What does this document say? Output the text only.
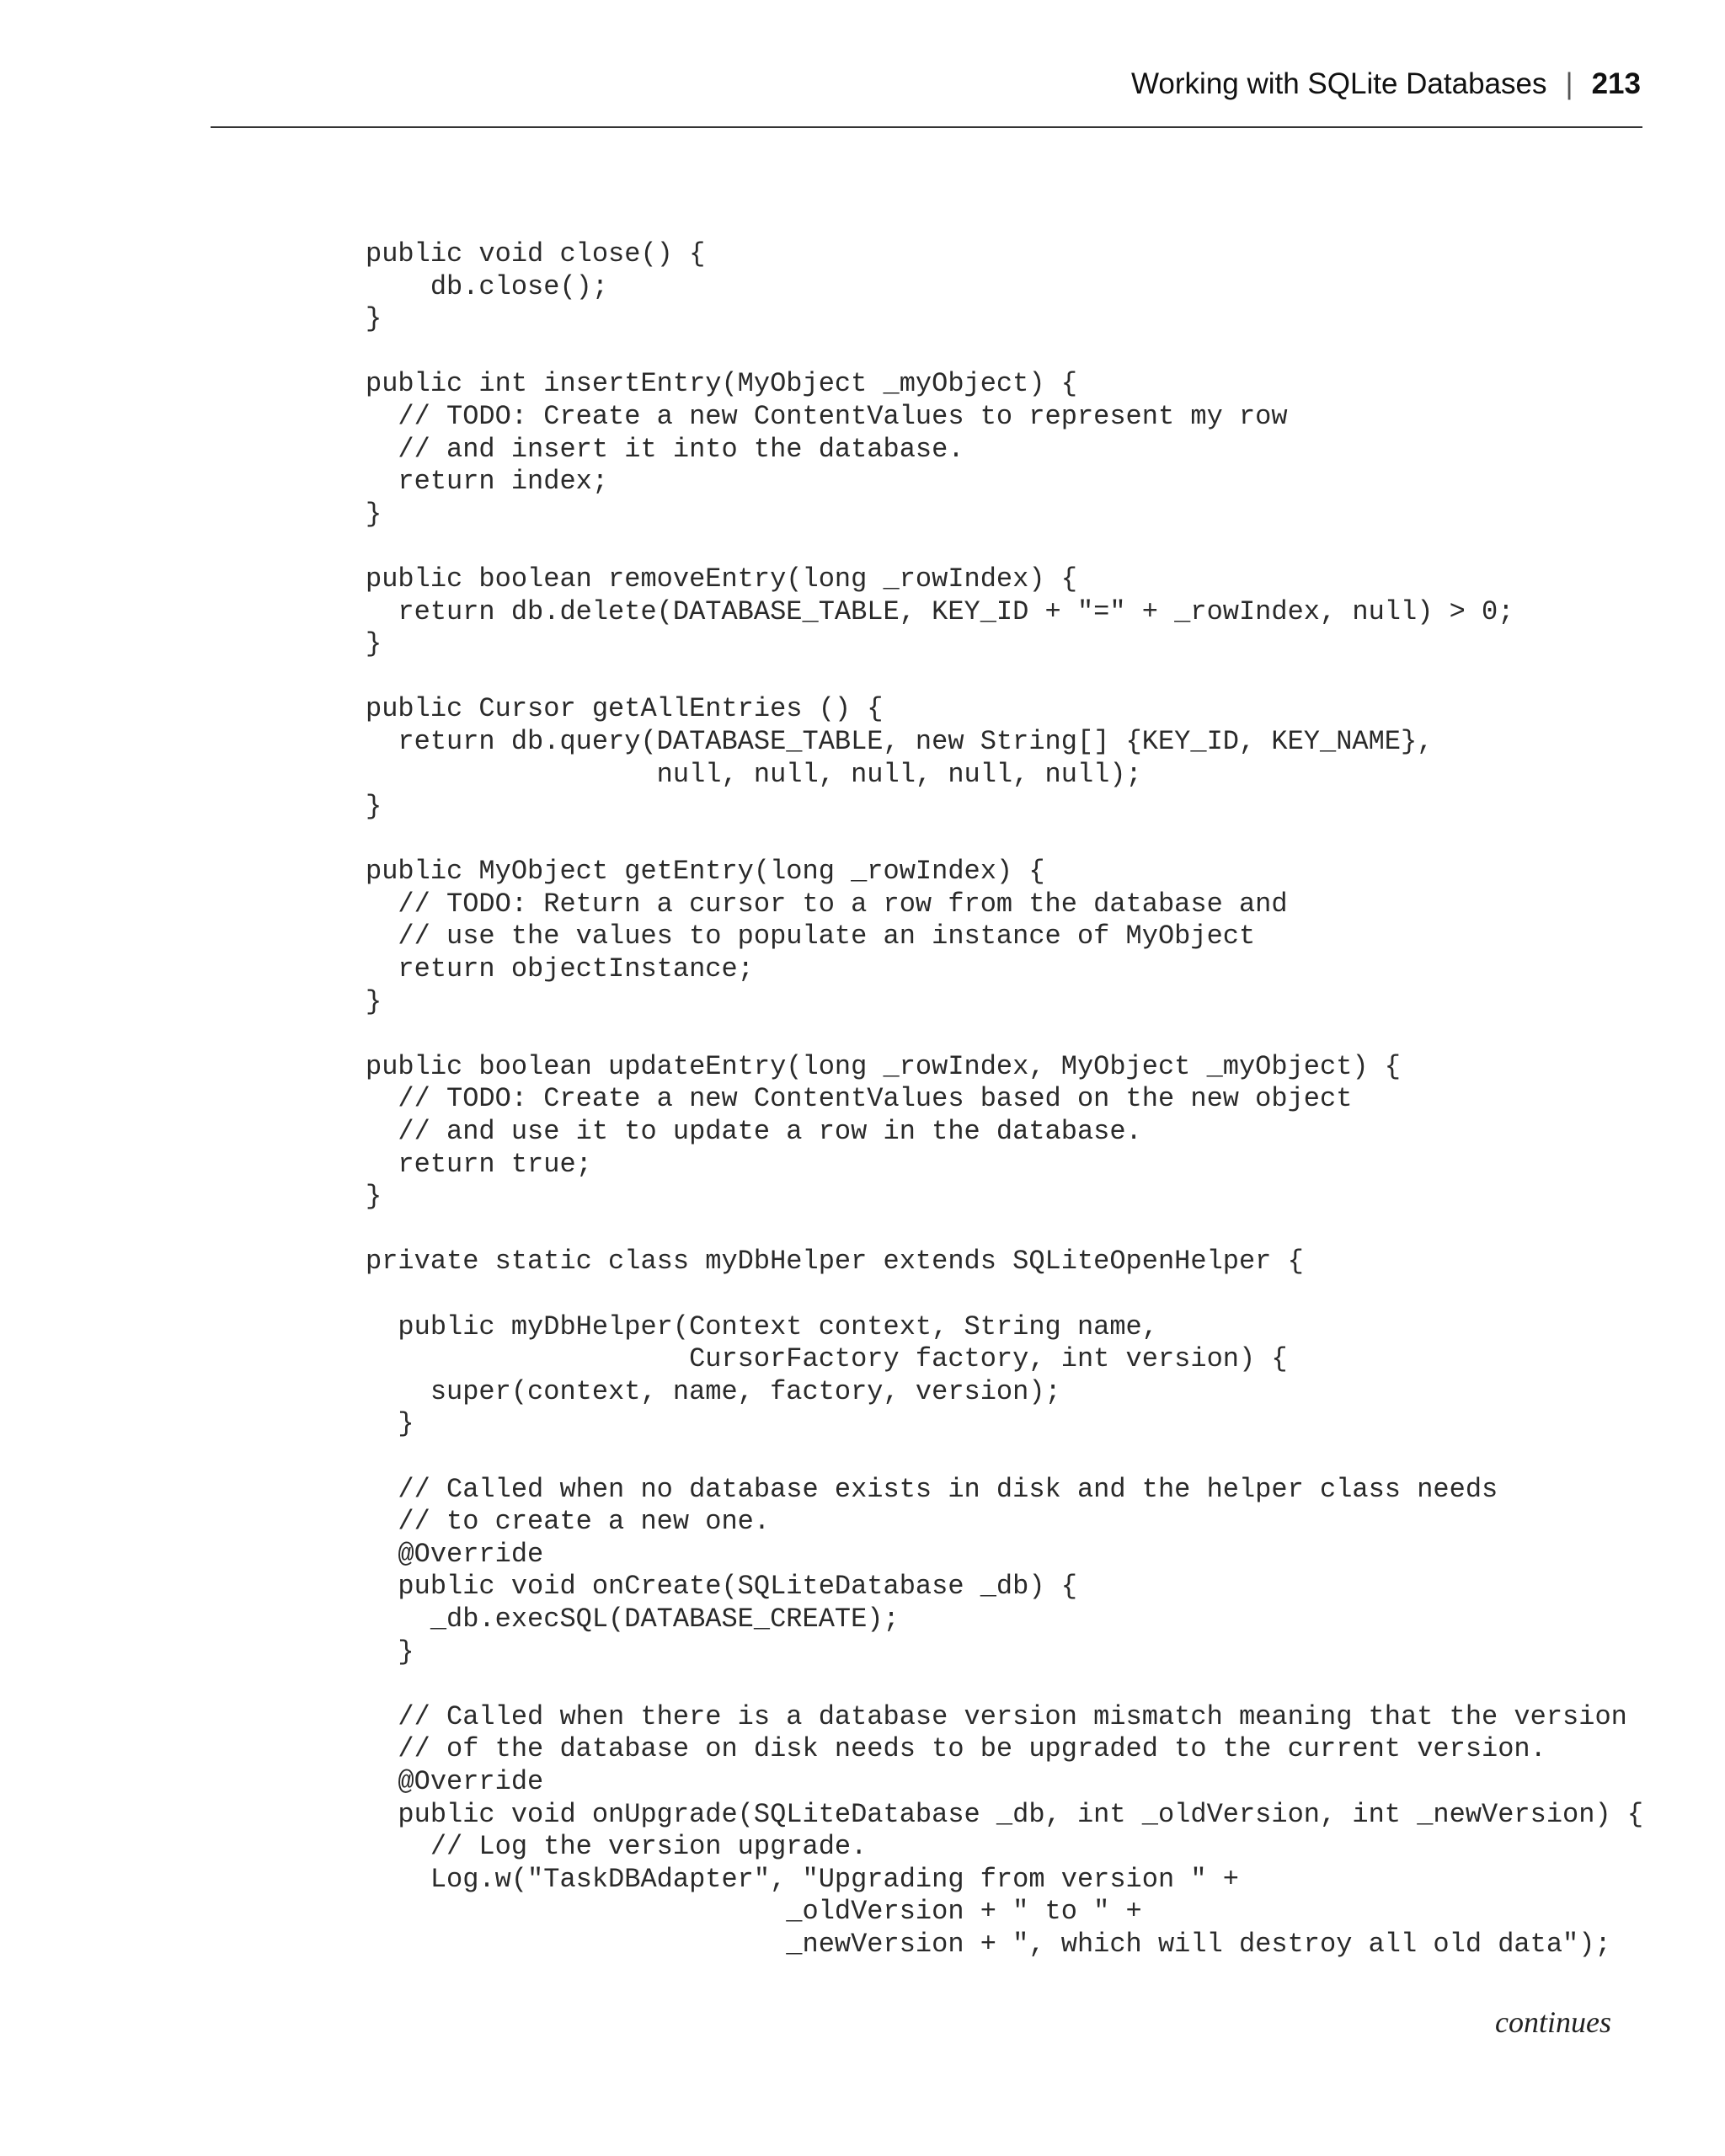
Working with SQLite Databases | 213
public void close() {
db.close();
}
public int insertEntry(MyObject _myObject) {
// TODO: Create a new ContentValues to represent my row
// and insert it into the database.
return index;
}
public boolean removeEntry(long _rowIndex) {
return db.delete(DATABASE_TABLE, KEY_ID + "=" + _rowIndex, null) > 0;
}
public Cursor getAllEntries () {
return db.query(DATABASE_TABLE, new String[] {KEY_ID, KEY_NAME},
null, null, null, null, null);
}
public MyObject getEntry(long _rowIndex) {
// TODO: Return a cursor to a row from the database and
// use the values to populate an instance of MyObject
return objectInstance;
}
public boolean updateEntry(long _rowIndex, MyObject _myObject) {
// TODO: Create a new ContentValues based on the new object
// and use it to update a row in the database.
return true;
}
private static class myDbHelper extends SQLiteOpenHelper {
public myDbHelper(Context context, String name,
CursorFactory factory, int version) {
super(context, name, factory, version);
}
// Called when no database exists in disk and the helper class needs
// to create a new one.
@Override
public void onCreate(SQLiteDatabase _db) {
_db.execSQL(DATABASE_CREATE);
}
// Called when there is a database version mismatch meaning that the version
// of the database on disk needs to be upgraded to the current version.
@Override
public void onUpgrade(SQLiteDatabase _db, int _oldVersion, int _newVersion) {
// Log the version upgrade.
Log.w("TaskDBAdapter", "Upgrading from version " +
_oldVersion + " to " +
_newVersion + ", which will destroy all old data");
continues
